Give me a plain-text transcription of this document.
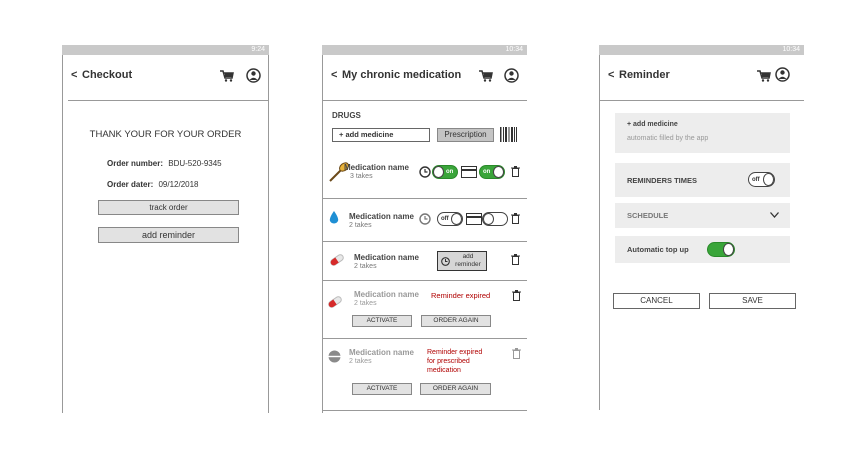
9:24
< Checkout
THANK YOUR FOR YOUR ORDER
Order number: BDU-520-9345
Order dater: 09/12/2018
track order
add reminder
10:34
< My chronic medication
DRUGS
+ add medicine	Prescription
Medication name
3 takes
on	on
Medication name
2 takes
off
Medication name
2 takes
add reminder
Medication name
2 takes
Reminder expired
ACTIVATE	ORDER AGAIN
Medication name
2 takes
Reminder expired
for prescribed
medication
ACTIVATE	ORDER AGAIN
10:34
< Reminder
+ add medicine
automatic filled by the app
REMINDERS TIMES	off
SCHEDULE
Automatic top up
CANCEL	SAVE
